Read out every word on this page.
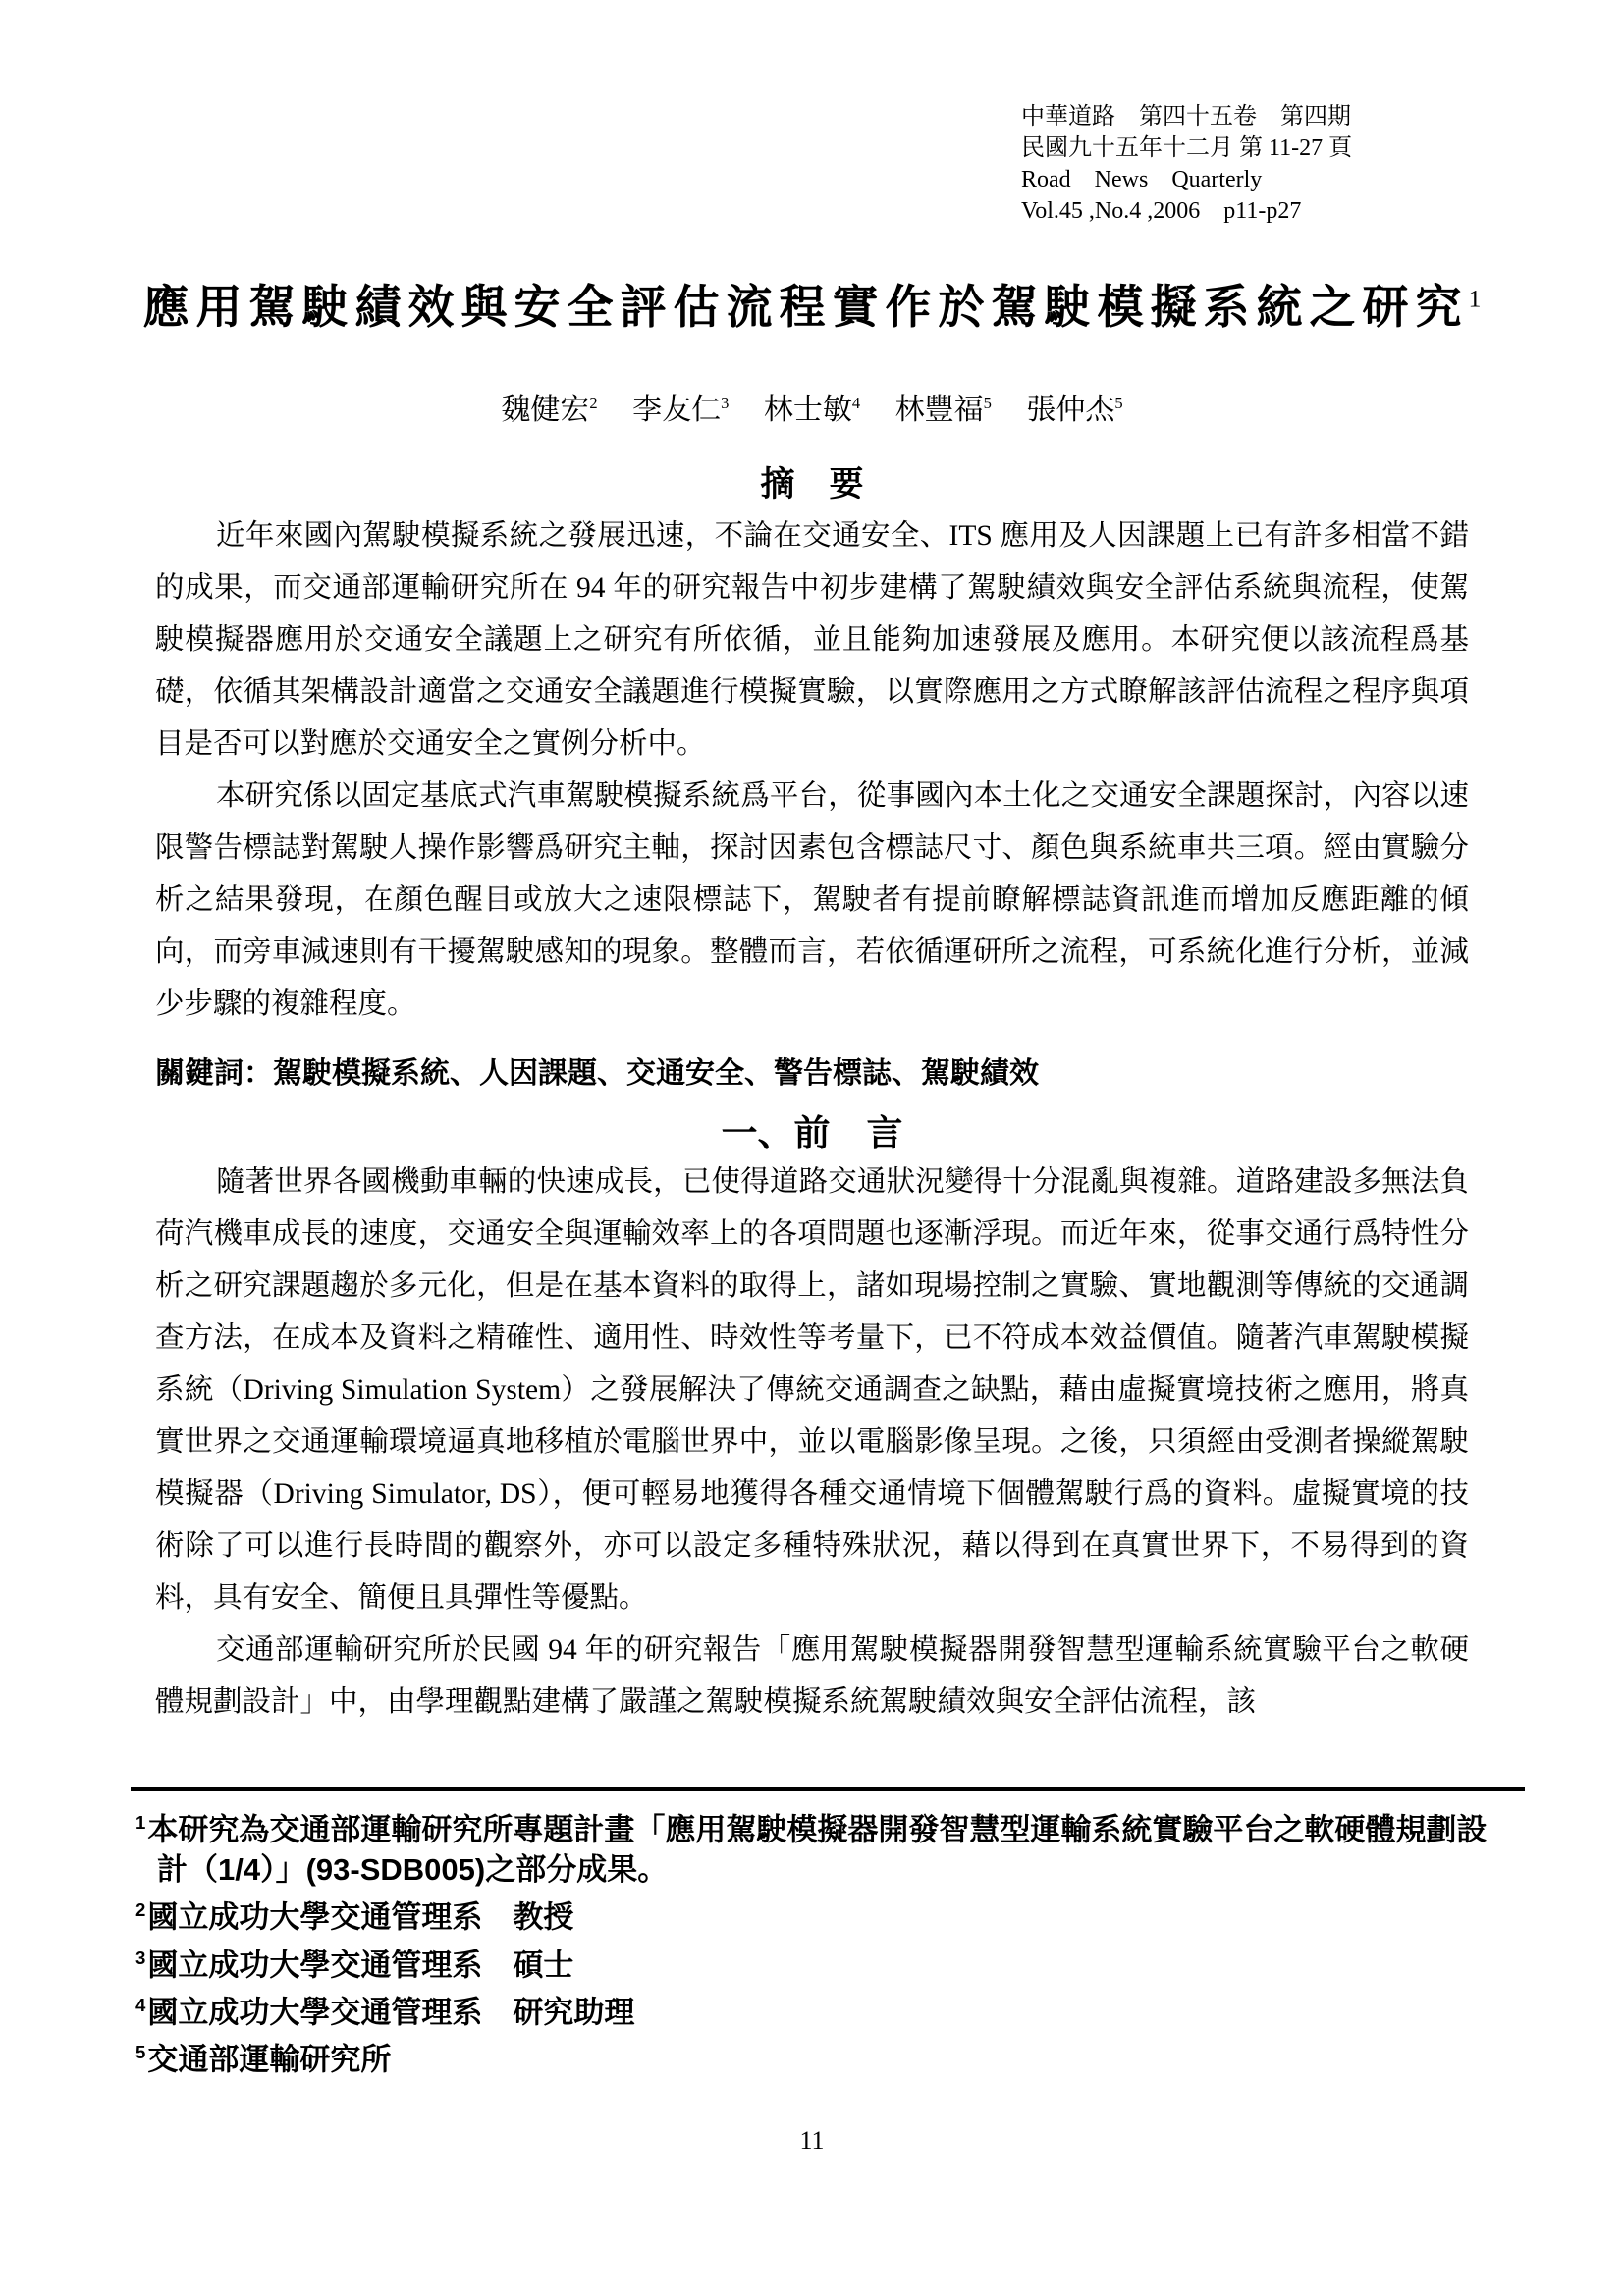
中華道路　第四十五卷　第四期
民國九十五年十二月 第 11-27 頁
Road　News　Quarterly
Vol.45 ,No.4 ,2006　p11-p27
應用駕駛績效與安全評估流程實作於駕駛模擬系統之研究$^1$
魏健宏$^2$ 李友仁$^3$ 林士敏$^4$ 林豐福$^5$ 張仲杰$^5$
摘　要

近年來國內駕駛模擬系統之發展迅速，不論在交通安全、ITS 應用及人因課題上已有許多相當不錯的成果，而交通部運輸研究所在 94 年的研究報告中初步建構了駕駛績效與安全評估系統與流程，使駕駛模擬器應用於交通安全議題上之研究有所依循，並且能夠加速發展及應用。本研究便以該流程爲基礎，依循其架構設計適當之交通安全議題進行模擬實驗，以實際應用之方式瞭解該評估流程之程序與項目是否可以對應於交通安全之實例分析中。

本研究係以固定基底式汽車駕駛模擬系統爲平台，從事國內本土化之交通安全課題探討，內容以速限警告標誌對駕駛人操作影響爲研究主軸，探討因素包含標誌尺寸、顏色與系統車共三項。經由實驗分析之結果發現，在顏色醒目或放大之速限標誌下，駕駛者有提前瞭解標誌資訊進而增加反應距離的傾向，而旁車減速則有干擾駕駛感知的現象。整體而言，若依循運研所之流程，可系統化進行分析，並減少步驟的複雜程度。

關鍵詞：駕駛模擬系統、人因課題、交通安全、警告標誌、駕駛績效
一、前　言

隨著世界各國機動車輛的快速成長，已使得道路交通狀況變得十分混亂與複雜。道路建設多無法負荷汽機車成長的速度，交通安全與運輸效率上的各項問題也逐漸浮現。而近年來，從事交通行爲特性分析之研究課題趨於多元化，但是在基本資料的取得上，諸如現場控制之實驗、實地觀測等傳統的交通調查方法，在成本及資料之精確性、適用性、時效性等考量下，已不符成本效益價值。隨著汽車駕駛模擬系統（Driving Simulation System）之發展解決了傳統交通調查之缺點，藉由虛擬實境技術之應用，將真實世界之交通運輸環境逼真地移植於電腦世界中，並以電腦影像呈現。之後，只須經由受測者操縱駕駛模擬器（Driving Simulator, DS），便可輕易地獲得各種交通情境下個體駕駛行爲的資料。虛擬實境的技術除了可以進行長時間的觀察外，亦可以設定多種特殊狀況，藉以得到在真實世界下，不易得到的資料，具有安全、簡便且具彈性等優點。

交通部運輸研究所於民國 94 年的研究報告「應用駕駛模擬器開發智慧型運輸系統實驗平台之軟硬體規劃設計」中，由學理觀點建構了嚴謹之駕駛模擬系統駕駛績效與安全評估流程，該

$^1$本研究為交通部運輸研究所專題計畫「應用駕駛模擬器開發智慧型運輸系統實驗平台之軟硬體規劃設計（1/4）」(93-SDB005)之部分成果。
$^2$國立成功大學交通管理系　教授
$^3$國立成功大學交通管理系　碩士
$^4$國立成功大學交通管理系　研究助理
$^5$交通部運輸研究所
11
